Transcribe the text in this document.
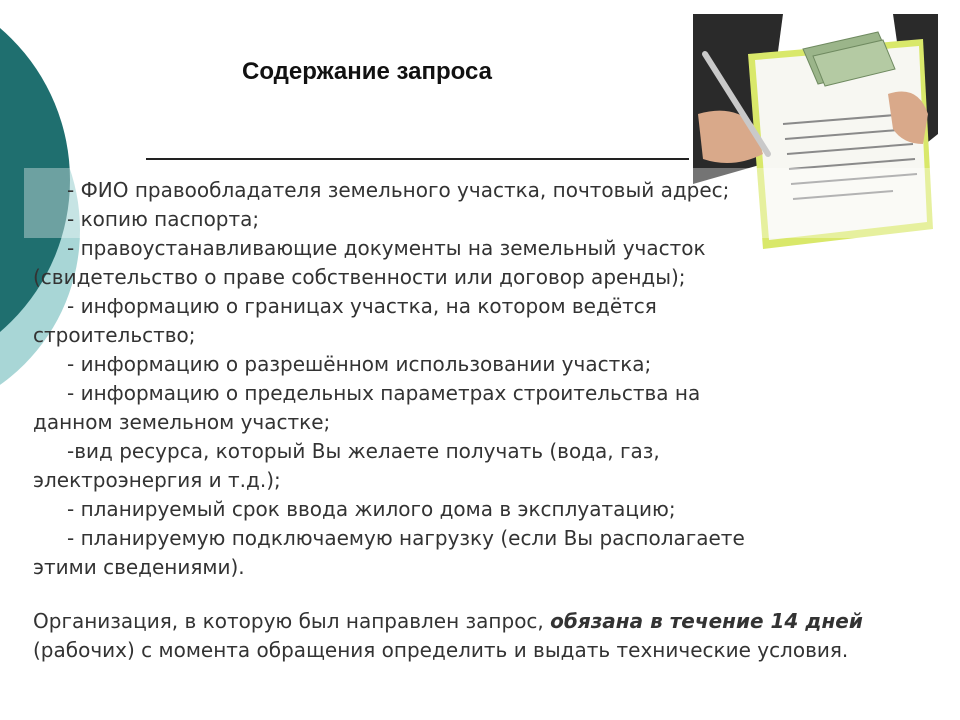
Содержание запроса
- ФИО правообладателя земельного участка, почтовый адрес;
- копию паспорта;
- правоустанавливающие документы на земельный участок
(свидетельство о праве собственности или договор аренды);
- информацию о границах участка, на котором ведётся
строительство;
- информацию о разрешённом использовании участка;
- информацию о предельных параметрах строительства на
данном земельном участке;
-вид ресурса, который Вы желаете получать (вода, газ,
электроэнергия и т.д.);
- планируемый срок ввода жилого дома в эксплуатацию;
- планируемую подключаемую нагрузку (если Вы располагаете
этими сведениями).

Организация, в которую был направлен запрос, обязана в течение 14 дней (рабочих) с момента обращения определить и выдать технические условия.
